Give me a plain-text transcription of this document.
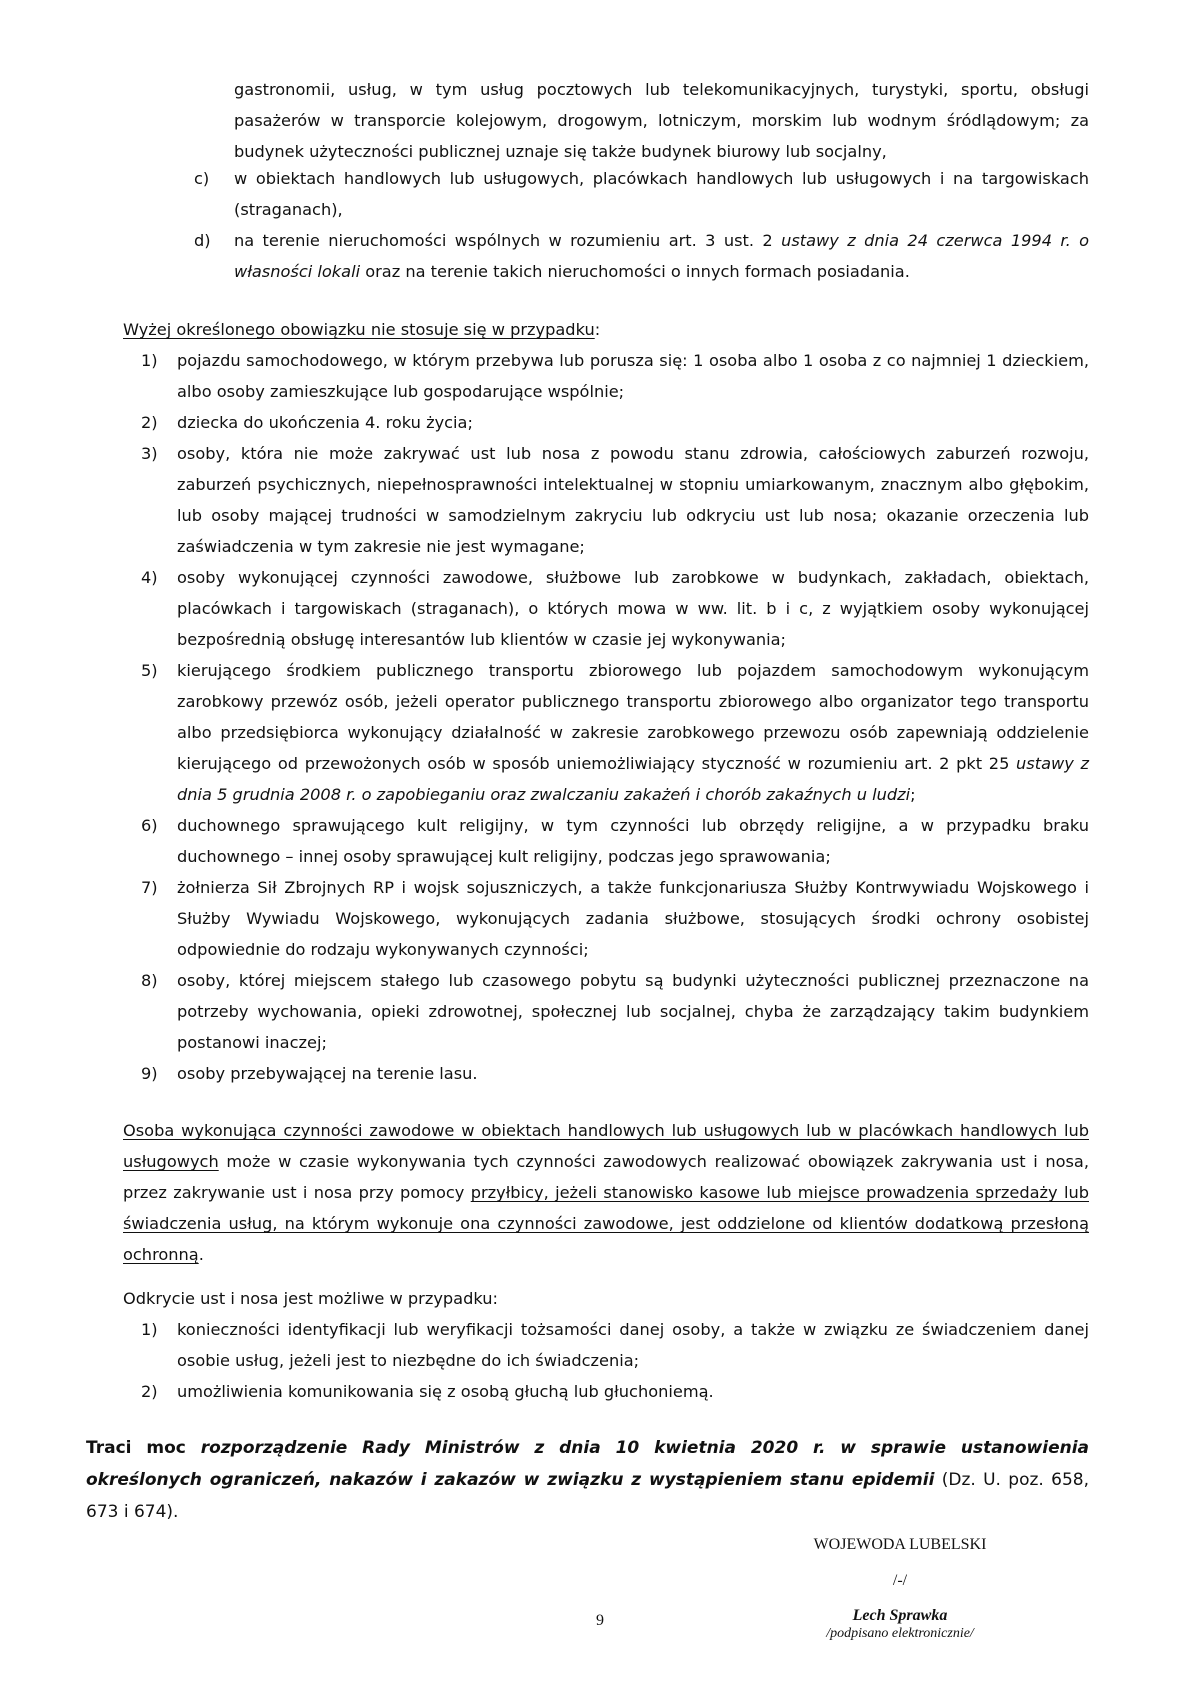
gastronomii, usług, w tym usług pocztowych lub telekomunikacyjnych, turystyki, sportu, obsługi pasażerów w transporcie kolejowym, drogowym, lotniczym, morskim lub wodnym śródlądowym; za budynek użyteczności publicznej uznaje się także budynek biurowy lub socjalny,

c) w obiektach handlowych lub usługowych, placówkach handlowych lub usługowych i na targowiskach (straganach),
d) na terenie nieruchomości wspólnych w rozumieniu art. 3 ust. 2 ustawy z dnia 24 czerwca 1994 r. o własności lokali oraz na terenie takich nieruchomości o innych formach posiadania.

Wyżej określonego obowiązku nie stosuje się w przypadku:

1) pojazdu samochodowego, w którym przebywa lub porusza się: 1 osoba albo 1 osoba z co najmniej 1 dzieckiem, albo osoby zamieszkujące lub gospodarujące wspólnie;
2) dziecka do ukończenia 4. roku życia;
3) osoby, która nie może zakrywać ust lub nosa z powodu stanu zdrowia, całościowych zaburzeń rozwoju, zaburzeń psychicznych, niepełnosprawności intelektualnej w stopniu umiarkowanym, znacznym albo głębokim, lub osoby mającej trudności w samodzielnym zakryciu lub odkryciu ust lub nosa; okazanie orzeczenia lub zaświadczenia w tym zakresie nie jest wymagane;
4) osoby wykonującej czynności zawodowe, służbowe lub zarobkowe w budynkach, zakładach, obiektach, placówkach i targowiskach (straganach), o których mowa w ww. lit. b i c, z wyjątkiem osoby wykonującej bezpośrednią obsługę interesantów lub klientów w czasie jej wykonywania;
5) kierującego środkiem publicznego transportu zbiorowego lub pojazdem samochodowym wykonującym zarobkowy przewóz osób, jeżeli operator publicznego transportu zbiorowego albo organizator tego transportu albo przedsiębiorca wykonujący działalność w zakresie zarobkowego przewozu osób zapewniają oddzielenie kierującego od przewożonych osób w sposób uniemożliwiający styczność w rozumieniu art. 2 pkt 25 ustawy z dnia 5 grudnia 2008 r. o zapobieganiu oraz zwalczaniu zakażeń i chorób zakaźnych u ludzi;
6) duchownego sprawującego kult religijny, w tym czynności lub obrzędy religijne, a w przypadku braku duchownego – innej osoby sprawującej kult religijny, podczas jego sprawowania;
7) żołnierza Sił Zbrojnych RP i wojsk sojuszniczych, a także funkcjonariusza Służby Kontrwywiadu Wojskowego i Służby Wywiadu Wojskowego, wykonujących zadania służbowe, stosujących środki ochrony osobistej odpowiednie do rodzaju wykonywanych czynności;
8) osoby, której miejscem stałego lub czasowego pobytu są budynki użyteczności publicznej przeznaczone na potrzeby wychowania, opieki zdrowotnej, społecznej lub socjalnej, chyba że zarządzający takim budynkiem postanowi inaczej;
9) osoby przebywającej na terenie lasu.

Osoba wykonująca czynności zawodowe w obiektach handlowych lub usługowych lub w placówkach handlowych lub usługowych może w czasie wykonywania tych czynności zawodowych realizować obowiązek zakrywania ust i nosa, przez zakrywanie ust i nosa przy pomocy przyłbicy, jeżeli stanowisko kasowe lub miejsce prowadzenia sprzedaży lub świadczenia usług, na którym wykonuje ona czynności zawodowe, jest oddzielone od klientów dodatkową przesłoną ochronną.

Odkrycie ust i nosa jest możliwe w przypadku:

1) konieczności identyfikacji lub weryfikacji tożsamości danej osoby, a także w związku ze świadczeniem danej osobie usług, jeżeli jest to niezbędne do ich świadczenia;
2) umożliwienia komunikowania się z osobą głuchą lub głuchoniemą.

Traci moc rozporządzenie Rady Ministrów z dnia 10 kwietnia 2020 r. w sprawie ustanowienia określonych ograniczeń, nakazów i zakazów w związku z wystąpieniem stanu epidemii (Dz. U. poz. 658, 673 i 674).

WOJEWODA LUBELSKI
/-/
Lech Sprawka
/podpisano elektronicznie/
9
